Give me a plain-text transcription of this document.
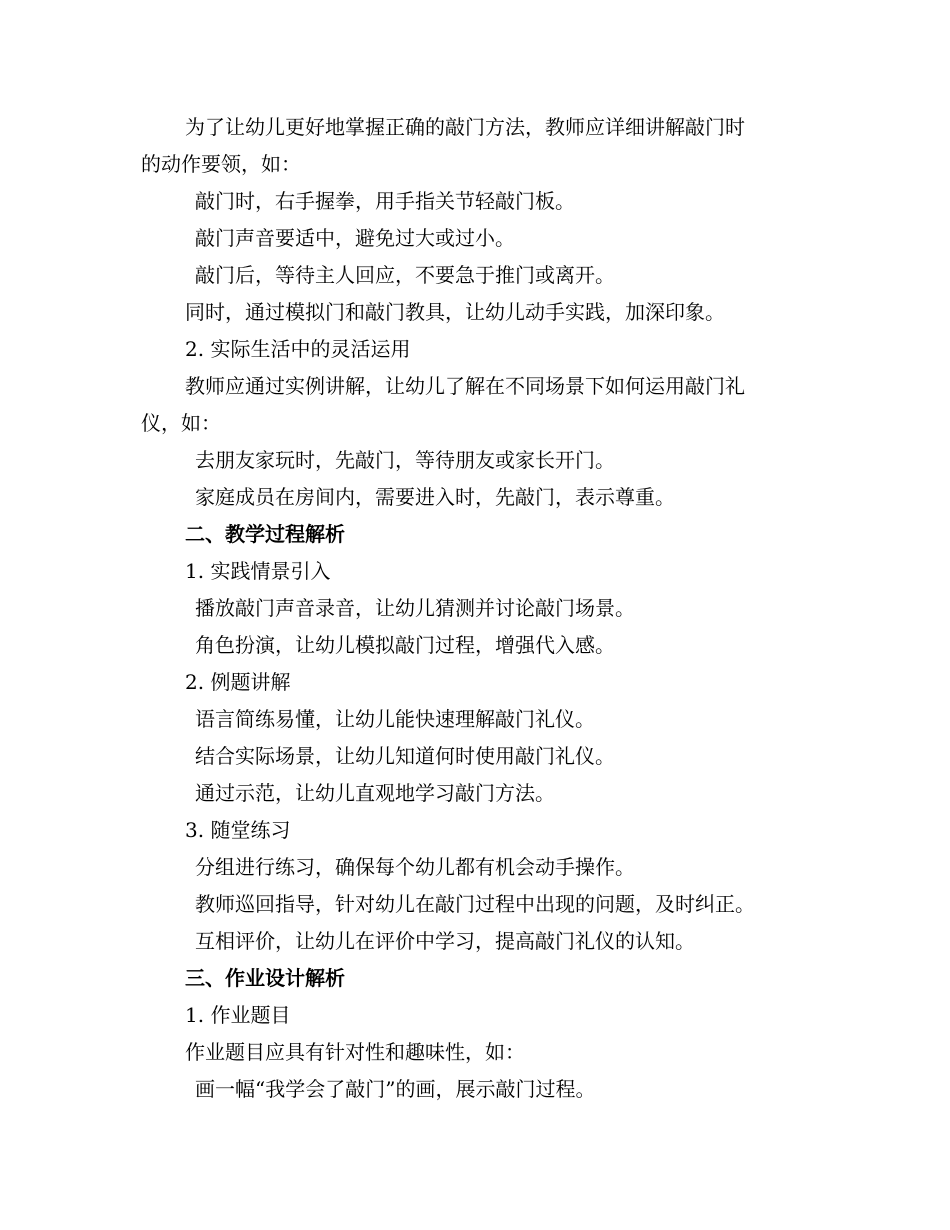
为了让幼儿更好地掌握正确的敲门方法，教师应详细讲解敲门时
的动作要领，如：
敲门时，右手握拳，用手指关节轻敲门板。
敲门声音要适中，避免过大或过小。
敲门后，等待主人回应，不要急于推门或离开。
同时，通过模拟门和敲门教具，让幼儿动手实践，加深印象。
2. 实际生活中的灵活运用
教师应通过实例讲解，让幼儿了解在不同场景下如何运用敲门礼
仪，如：
去朋友家玩时，先敲门，等待朋友或家长开门。
家庭成员在房间内，需要进入时，先敲门，表示尊重。
二、教学过程解析
1. 实践情景引入
播放敲门声音录音，让幼儿猜测并讨论敲门场景。
角色扮演，让幼儿模拟敲门过程，增强代入感。
2. 例题讲解
语言简练易懂，让幼儿能快速理解敲门礼仪。
结合实际场景，让幼儿知道何时使用敲门礼仪。
通过示范，让幼儿直观地学习敲门方法。
3. 随堂练习
分组进行练习，确保每个幼儿都有机会动手操作。
教师巡回指导，针对幼儿在敲门过程中出现的问题，及时纠正。
互相评价，让幼儿在评价中学习，提高敲门礼仪的认知。
三、作业设计解析
1. 作业题目
作业题目应具有针对性和趣味性，如：
画一幅“我学会了敲门”的画，展示敲门过程。
